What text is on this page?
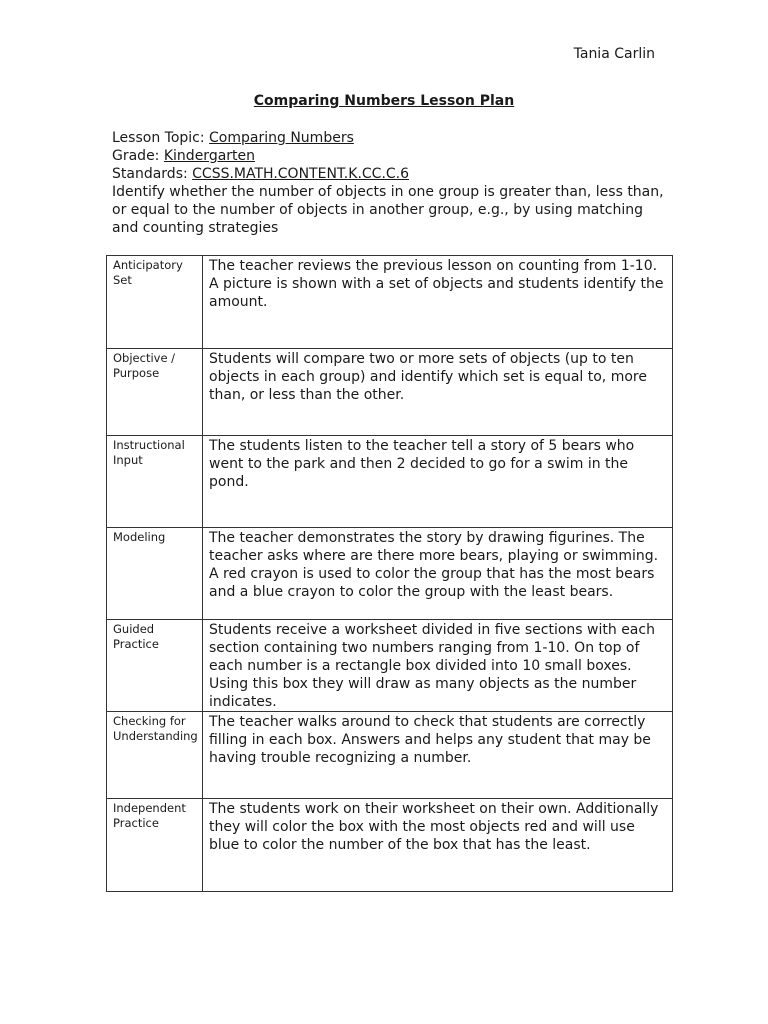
Tania Carlin
Comparing Numbers Lesson Plan
Lesson Topic: Comparing Numbers
Grade: Kindergarten
Standards: CCSS.MATH.CONTENT.K.CC.C.6
Identify whether the number of objects in one group is greater than, less than, or equal to the number of objects in another group, e.g., by using matching and counting strategies
Anticipatory Set	The teacher reviews the previous lesson on counting from 1-10. A picture is shown with a set of objects and students identify the amount.
Objective / Purpose	Students will compare two or more sets of objects (up to ten objects in each group) and identify which set is equal to, more than, or less than the other.
Instructional Input	The students listen to the teacher tell a story of 5 bears who went to the park and then 2 decided to go for a swim in the pond.
Modeling	The teacher demonstrates the story by drawing figurines. The teacher asks where are there more bears, playing or swimming. A red crayon is used to color the group that has the most bears and a blue crayon to color the group with the least bears.
Guided Practice	Students receive a worksheet divided in five sections with each section containing two numbers ranging from 1-10. On top of each number is a rectangle box divided into 10 small boxes. Using this box they will draw as many objects as the number indicates.
Checking for Understanding	The teacher walks around to check that students are correctly filling in each box. Answers and helps any student that may be having trouble recognizing a number.
Independent Practice	The students work on their worksheet on their own. Additionally they will color the box with the most objects red and will use blue to color the number of the box that has the least.
